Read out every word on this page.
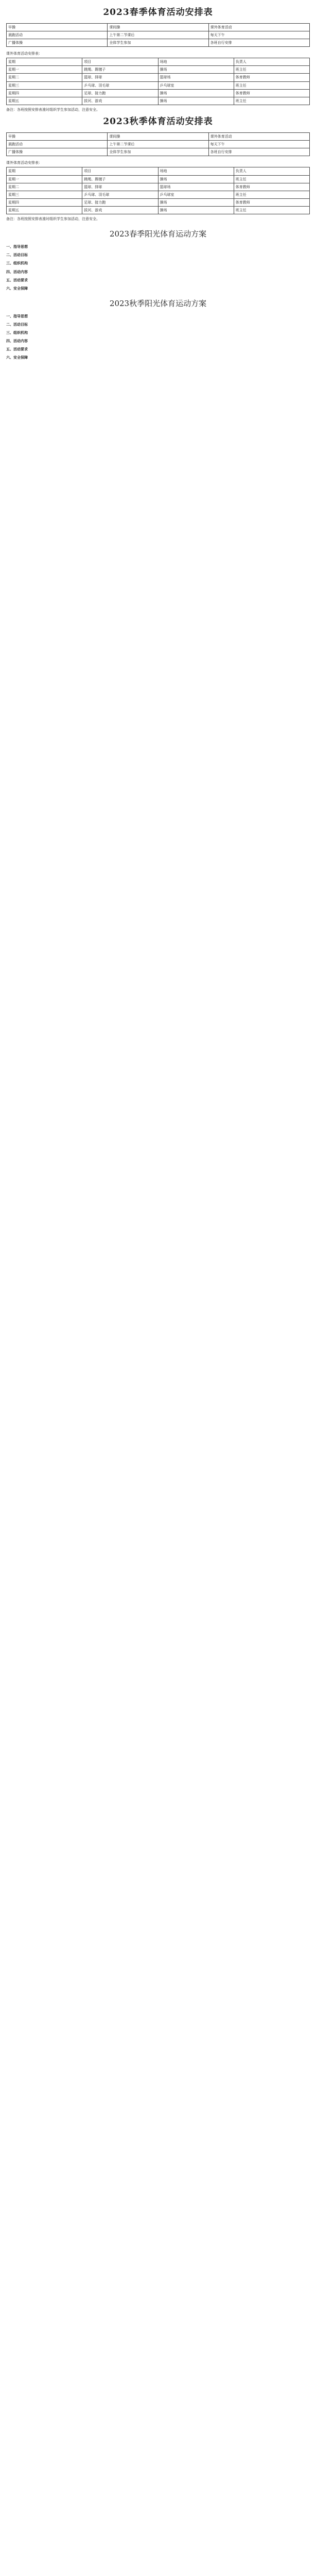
2023春季体育活动安排表
早操	课间操	课外体育活动
晨跑活动	上午第二节课后	每天下午
广播体操	全体学生参加	各班自行安排
课外体育活动安排表：
星期	项目	场地	负责人
星期一	跳绳、踢毽子	操场	班主任
星期二	篮球、排球	篮球场	体育教师
星期三	乒乓球、羽毛球	乒乓球室	班主任
星期四	足球、接力跑	操场	体育教师
星期五	拔河、游戏	操场	班主任
备注：各班按照安排表准时组织学生参加活动，注意安全。
2023秋季体育活动安排表
早操	课间操	课外体育活动
晨跑活动	上午第二节课后	每天下午
广播体操	全体学生参加	各班自行安排
课外体育活动安排表：
星期	项目	场地	负责人
星期一	跳绳、踢毽子	操场	班主任
星期二	篮球、排球	篮球场	体育教师
星期三	乒乓球、羽毛球	乒乓球室	班主任
星期四	足球、接力跑	操场	体育教师
星期五	拔河、游戏	操场	班主任
备注：各班按照安排表准时组织学生参加活动，注意安全。
2023春季阳光体育运动方案
一、指导思想
二、活动目标
三、组织机构
四、活动内容
五、活动要求
六、安全保障
2023秋季阳光体育运动方案
一、指导思想
二、活动目标
三、组织机构
四、活动内容
五、活动要求
六、安全保障
